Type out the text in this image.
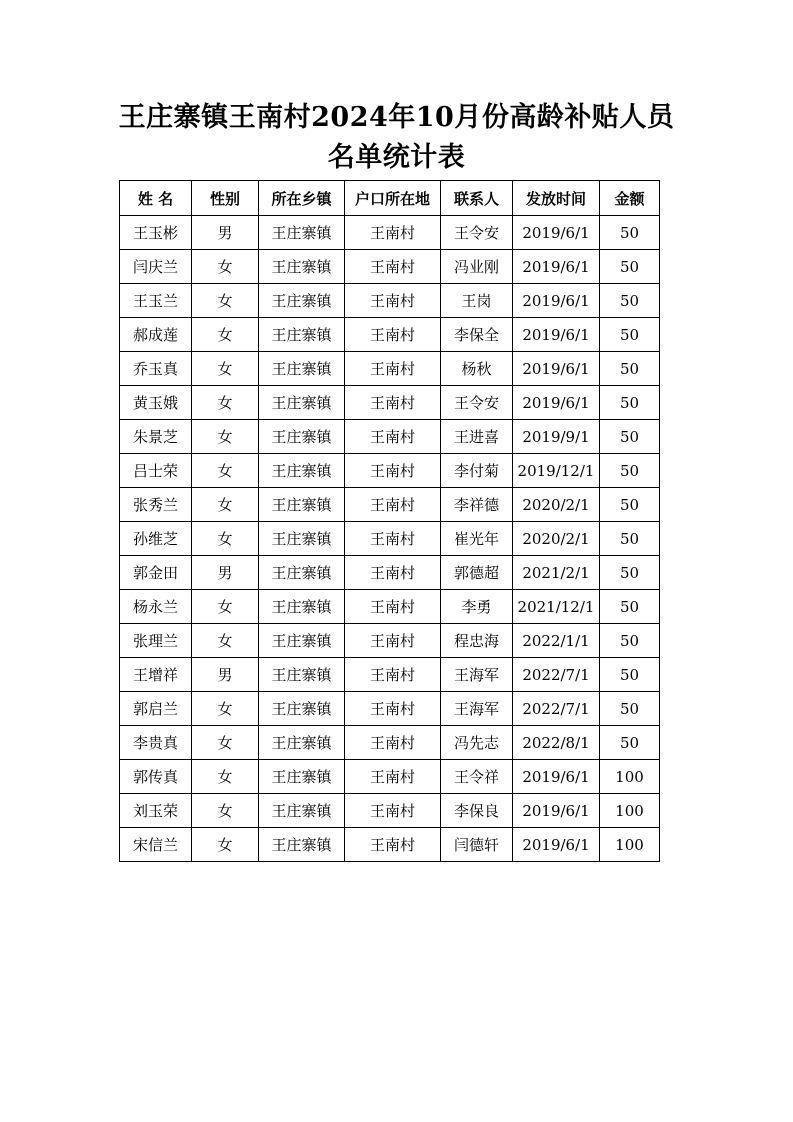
王庄寨镇王南村2024年10月份高龄补贴人员
名单统计表
姓 名	性别	所在乡镇	户口所在地	联系人	发放时间	金额
王玉彬	男	王庄寨镇	王南村	王令安	2019/6/1	50
闫庆兰	女	王庄寨镇	王南村	冯业刚	2019/6/1	50
王玉兰	女	王庄寨镇	王南村	王岗	2019/6/1	50
郝成莲	女	王庄寨镇	王南村	李保全	2019/6/1	50
乔玉真	女	王庄寨镇	王南村	杨秋	2019/6/1	50
黄玉娥	女	王庄寨镇	王南村	王令安	2019/6/1	50
朱景芝	女	王庄寨镇	王南村	王进喜	2019/9/1	50
吕士荣	女	王庄寨镇	王南村	李付菊	2019/12/1	50
张秀兰	女	王庄寨镇	王南村	李祥德	2020/2/1	50
孙维芝	女	王庄寨镇	王南村	崔光年	2020/2/1	50
郭金田	男	王庄寨镇	王南村	郭德超	2021/2/1	50
杨永兰	女	王庄寨镇	王南村	李勇	2021/12/1	50
张理兰	女	王庄寨镇	王南村	程忠海	2022/1/1	50
王增祥	男	王庄寨镇	王南村	王海军	2022/7/1	50
郭启兰	女	王庄寨镇	王南村	王海军	2022/7/1	50
李贵真	女	王庄寨镇	王南村	冯先志	2022/8/1	50
郭传真	女	王庄寨镇	王南村	王令祥	2019/6/1	100
刘玉荣	女	王庄寨镇	王南村	李保良	2019/6/1	100
宋信兰	女	王庄寨镇	王南村	闫德轩	2019/6/1	100
